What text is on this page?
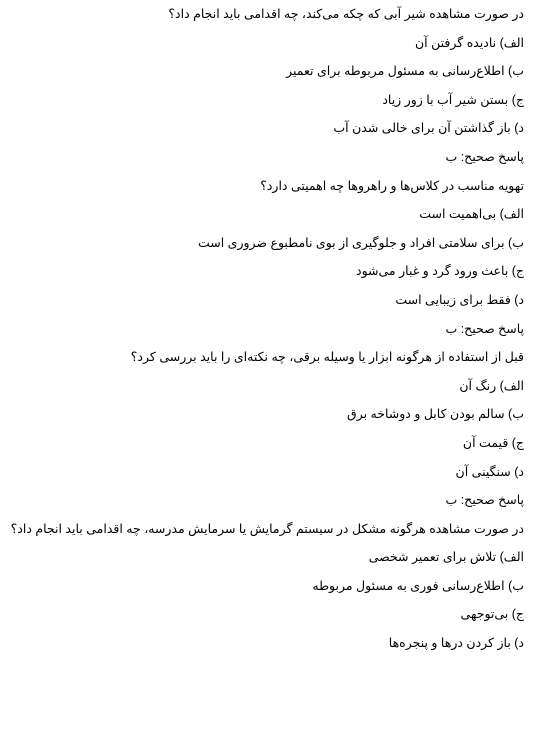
در صورت مشاهده شیر آبی که چکه می‌کند، چه اقدامی باید انجام داد؟
الف) نادیده گرفتن آن
ب) اطلاع‌رسانی به مسئول مربوطه برای تعمیر
ج) بستن شیر آب با زور زیاد
د) باز گذاشتن آن برای خالی شدن آب
پاسخ صحیح: ب
تهویه مناسب در کلاس‌ها و راهروها چه اهمیتی دارد؟
الف) بی‌اهمیت است
ب) برای سلامتی افراد و جلوگیری از بوی نامطبوع ضروری است
ج) باعث ورود گرد و غبار می‌شود
د) فقط برای زیبایی است
پاسخ صحیح: ب
قبل از استفاده از هرگونه ابزار یا وسیله برقی، چه نکته‌ای را باید بررسی کرد؟
الف) رنگ آن
ب) سالم بودن کابل و دوشاخه برق
ج) قیمت آن
د) سنگینی آن
پاسخ صحیح: ب
در صورت مشاهده هرگونه مشکل در سیستم گرمایش یا سرمایش مدرسه، چه اقدامی باید انجام داد؟
الف) تلاش برای تعمیر شخصی
ب) اطلاع‌رسانی فوری به مسئول مربوطه
ج) بی‌توجهی
د) باز کردن درها و پنجره‌ها
